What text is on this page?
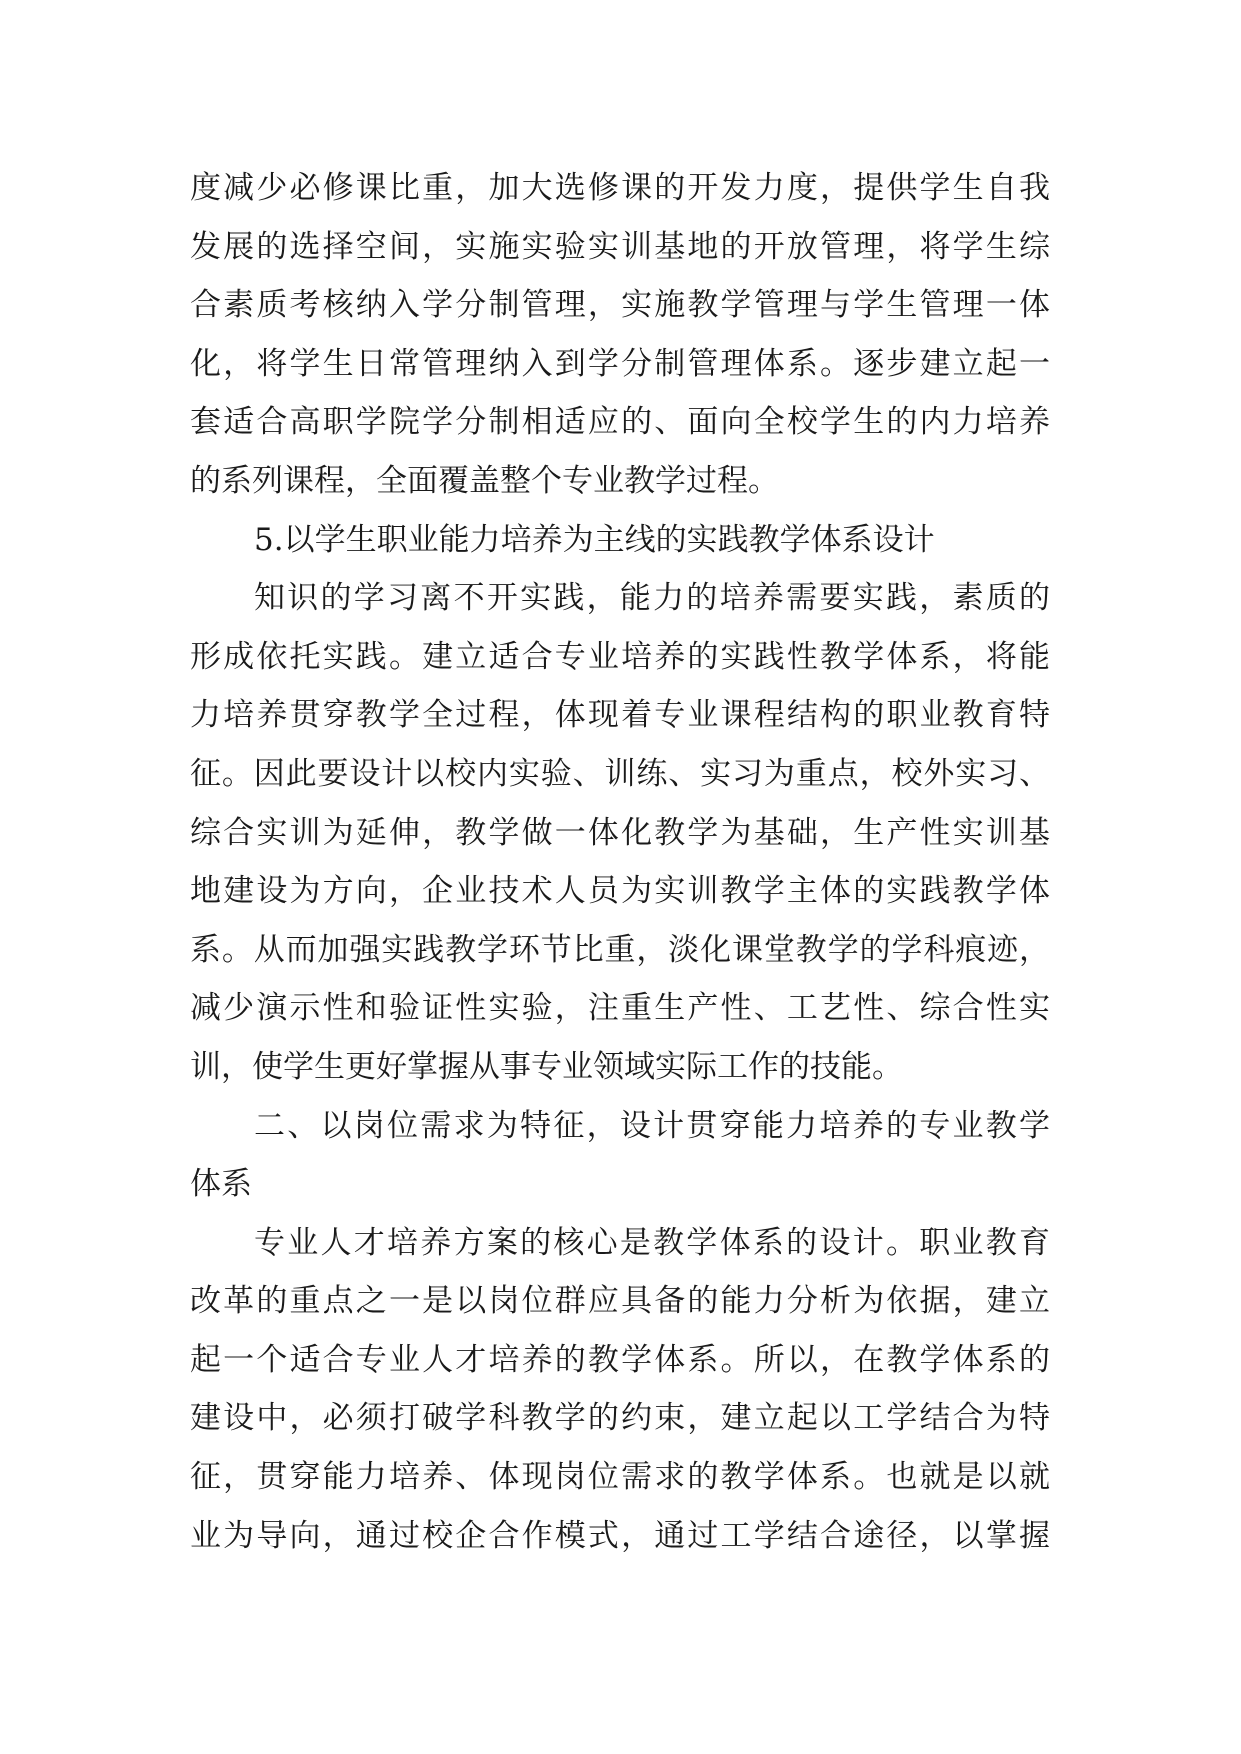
度减少必修课比重，加大选修课的开发力度，提供学生自我
发展的选择空间，实施实验实训基地的开放管理，将学生综
合素质考核纳入学分制管理，实施教学管理与学生管理一体
化，将学生日常管理纳入到学分制管理体系。逐步建立起一
套适合高职学院学分制相适应的、面向全校学生的内力培养
的系列课程，全面覆盖整个专业教学过程。
5.以学生职业能力培养为主线的实践教学体系设计
知识的学习离不开实践，能力的培养需要实践，素质的
形成依托实践。建立适合专业培养的实践性教学体系，将能
力培养贯穿教学全过程，体现着专业课程结构的职业教育特
征。因此要设计以校内实验、训练、实习为重点，校外实习、
综合实训为延伸，教学做一体化教学为基础，生产性实训基
地建设为方向，企业技术人员为实训教学主体的实践教学体
系。从而加强实践教学环节比重，淡化课堂教学的学科痕迹，
减少演示性和验证性实验，注重生产性、工艺性、综合性实
训，使学生更好掌握从事专业领域实际工作的技能。
二、以岗位需求为特征，设计贯穿能力培养的专业教学
体系
专业人才培养方案的核心是教学体系的设计。职业教育
改革的重点之一是以岗位群应具备的能力分析为依据，建立
起一个适合专业人才培养的教学体系。所以，在教学体系的
建设中，必须打破学科教学的约束，建立起以工学结合为特
征，贯穿能力培养、体现岗位需求的教学体系。也就是以就
业为导向，通过校企合作模式，通过工学结合途径，以掌握
